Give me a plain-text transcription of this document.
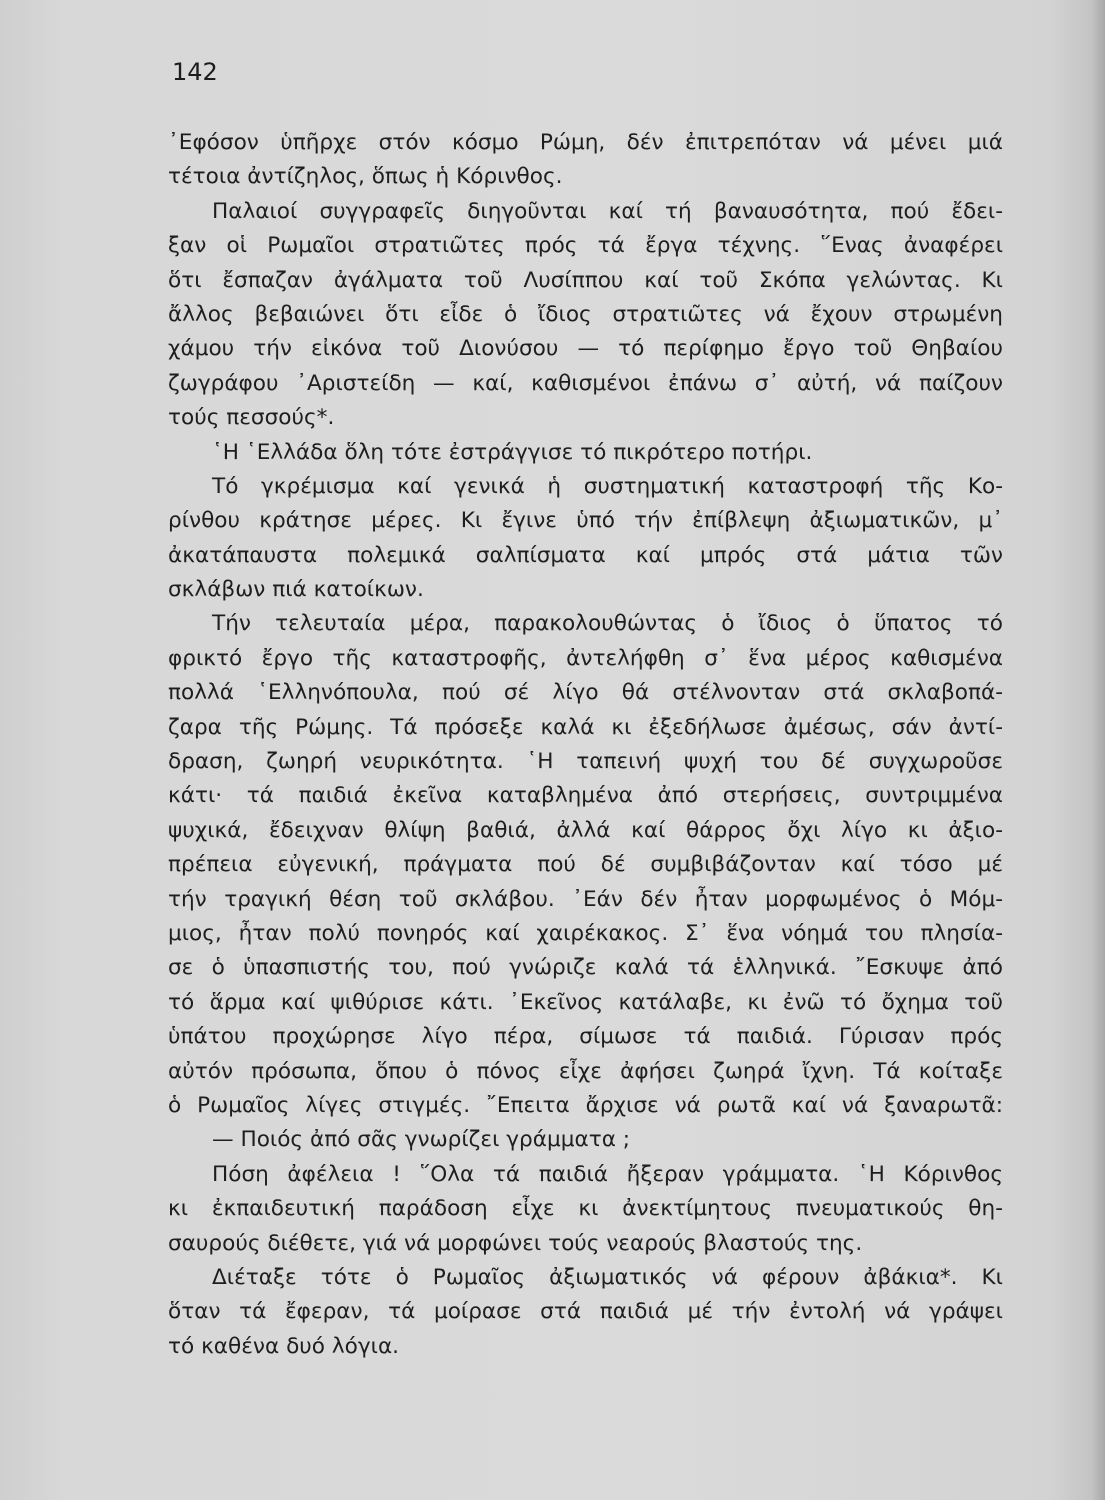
142

᾿Εφόσον ὑπῆρχε στόν κόσμο Ρώμη, δέν ἐπιτρεπόταν νά μένει μιά
τέτοια ἀντίζηλος, ὅπως ἡ Κόρινθος.
Παλαιοί συγγραφεῖς διηγοῦνται καί τή βαναυσότητα, πού ἔδει-
ξαν οἱ Ρωμαῖοι στρατιῶτες πρός τά ἔργα τέχνης. ῞Ενας ἀναφέρει
ὅτι ἔσπαζαν ἀγάλματα τοῦ Λυσίππου καί τοῦ Σκόπα γελώντας. Κι
ἄλλος βεβαιώνει ὅτι εἶδε ὁ ἴδιος στρατιῶτες νά ἔχουν στρωμένη
χάμου τήν εἰκόνα τοῦ Διονύσου — τό περίφημο ἔργο τοῦ Θηβαίου
ζωγράφου ᾿Αριστείδη — καί, καθισμένοι ἐπάνω σ᾿ αὐτή, νά παίζουν
τούς πεσσούς*.
῾Η ῾Ελλάδα ὅλη τότε ἐστράγγισε τό πικρότερο ποτήρι.
Τό γκρέμισμα καί γενικά ἡ συστηματική καταστροφή τῆς Κο-
ρίνθου κράτησε μέρες. Κι ἔγινε ὑπό τήν ἐπίβλεψη ἀξιωματικῶν, μ᾿
ἀκατάπαυστα πολεμικά σαλπίσματα καί μπρός στά μάτια τῶν
σκλάβων πιά κατοίκων.
Τήν τελευταία μέρα, παρακολουθώντας ὁ ἴδιος ὁ ὕπατος τό
φρικτό ἔργο τῆς καταστροφῆς, ἀντελήφθη σ᾿ ἕνα μέρος καθισμένα
πολλά ῾Ελληνόπουλα, πού σέ λίγο θά στέλνονταν στά σκλαβοπά-
ζαρα τῆς Ρώμης. Τά πρόσεξε καλά κι ἐξεδήλωσε ἀμέσως, σάν ἀντί-
δραση, ζωηρή νευρικότητα. ῾Η ταπεινή ψυχή του δέ συγχωροῦσε
κάτι· τά παιδιά ἐκεῖνα καταβλημένα ἀπό στερήσεις, συντριμμένα
ψυχικά, ἔδειχναν θλίψη βαθιά, ἀλλά καί θάρρος ὄχι λίγο κι ἀξιο-
πρέπεια εὐγενική, πράγματα πού δέ συμβιβάζονταν καί τόσο μέ
τήν τραγική θέση τοῦ σκλάβου. ᾿Εάν δέν ἦταν μορφωμένος ὁ Μόμ-
μιος, ἦταν πολύ πονηρός καί χαιρέκακος. Σ᾿ ἕνα νόημά του πλησία-
σε ὁ ὑπασπιστής του, πού γνώριζε καλά τά ἑλληνικά. ῎Εσκυψε ἀπό
τό ἅρμα καί ψιθύρισε κάτι. ᾿Εκεῖνος κατάλαβε, κι ἐνῶ τό ὄχημα τοῦ
ὑπάτου προχώρησε λίγο πέρα, σίμωσε τά παιδιά. Γύρισαν πρός
αὐτόν πρόσωπα, ὅπου ὁ πόνος εἶχε ἀφήσει ζωηρά ἴχνη. Τά κοίταξε
ὁ Ρωμαῖος λίγες στιγμές. ῎Επειτα ἄρχισε νά ρωτᾶ καί νά ξαναρωτᾶ:
— Ποιός ἀπό σᾶς γνωρίζει γράμματα ;
Πόση ἀφέλεια ! ῞Ολα τά παιδιά ἤξεραν γράμματα. ῾Η Κόρινθος
κι ἐκπαιδευτική παράδοση εἶχε κι ἀνεκτίμητους πνευματικούς θη-
σαυρούς διέθετε, γιά νά μορφώνει τούς νεαρούς βλαστούς της.
Διέταξε τότε ὁ Ρωμαῖος ἀξιωματικός νά φέρουν ἀβάκια*. Κι
ὅταν τά ἔφεραν, τά μοίρασε στά παιδιά μέ τήν ἐντολή νά γράψει
τό καθένα δυό λόγια.
